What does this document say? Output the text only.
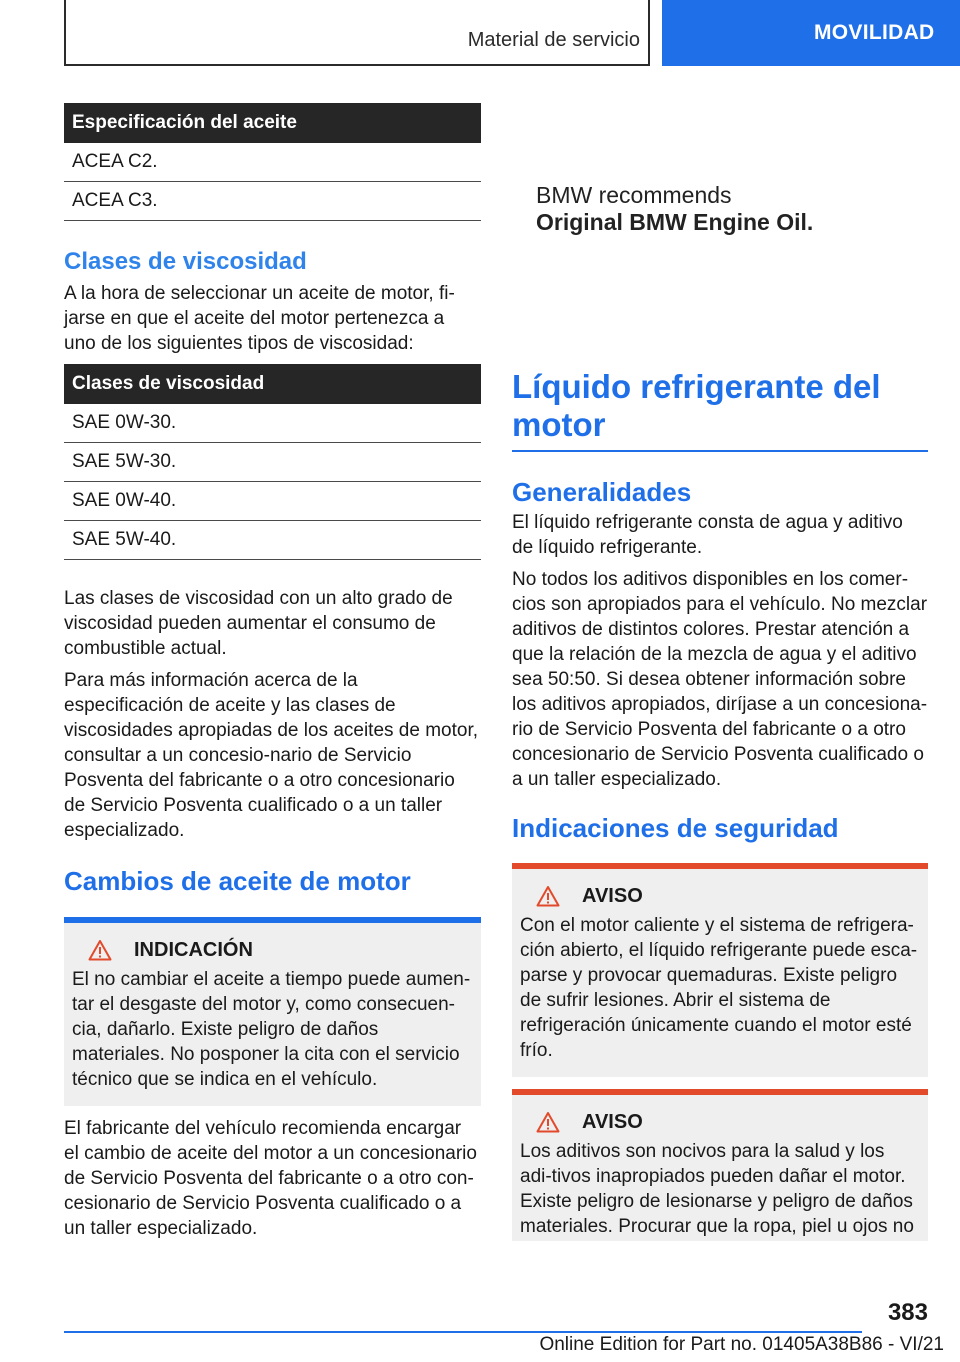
Material de servicio	MOVILIDAD
Especificación del aceite
ACEA C2.
ACEA C3.
Clases de viscosidad

A la hora de seleccionar un aceite de motor, fi-jarse en que el aceite del motor pertenezca a uno de los siguientes tipos de viscosidad:

Clases de viscosidad
SAE 0W-30.
SAE 5W-30.
SAE 0W-40.
SAE 5W-40.

Las clases de viscosidad con un alto grado de viscosidad pueden aumentar el consumo de combustible actual.

Para más información acerca de la especificación de aceite y las clases de viscosidades apropiadas de los aceites de motor, consultar a un concesio-nario de Servicio Posventa del fabricante o a otro concesionario de Servicio Posventa cualificado o a un taller especializado.

Cambios de aceite de motor
INDICACIÓN

El no cambiar el aceite a tiempo puede aumen-tar el desgaste del motor y, como consecuen-cia, dañarlo. Existe peligro de daños materiales. No posponer la cita con el servicio técnico que se indica en el vehículo.

El fabricante del vehículo recomienda encargar el cambio de aceite del motor a un concesionario de Servicio Posventa del fabricante o a otro con-cesionario de Servicio Posventa cualificado o a un taller especializado.

BMW recommends
Original BMW Engine Oil.
Líquido refrigerante del motor
Generalidades

El líquido refrigerante consta de agua y aditivo de líquido refrigerante.

No todos los aditivos disponibles en los comer-cios son apropiados para el vehículo. No mezclar aditivos de distintos colores. Prestar atención a que la relación de la mezcla de agua y el aditivo sea 50:50. Si desea obtener información sobre los aditivos apropiados, diríjase a un concesiona-rio de Servicio Posventa del fabricante o a otro concesionario de Servicio Posventa cualificado o a un taller especializado.

Indicaciones de seguridad
AVISO

Con el motor caliente y el sistema de refrigera-ción abierto, el líquido refrigerante puede esca-parse y provocar quemaduras. Existe peligro de sufrir lesiones. Abrir el sistema de refrigeración únicamente cuando el motor esté frío.

AVISO

Los aditivos son nocivos para la salud y los adi-tivos inapropiados pueden dañar el motor. Existe peligro de lesionarse y peligro de daños materiales. Procurar que la ropa, piel u ojos no

383
Online Edition for Part no. 01405A38B86 - VI/21
